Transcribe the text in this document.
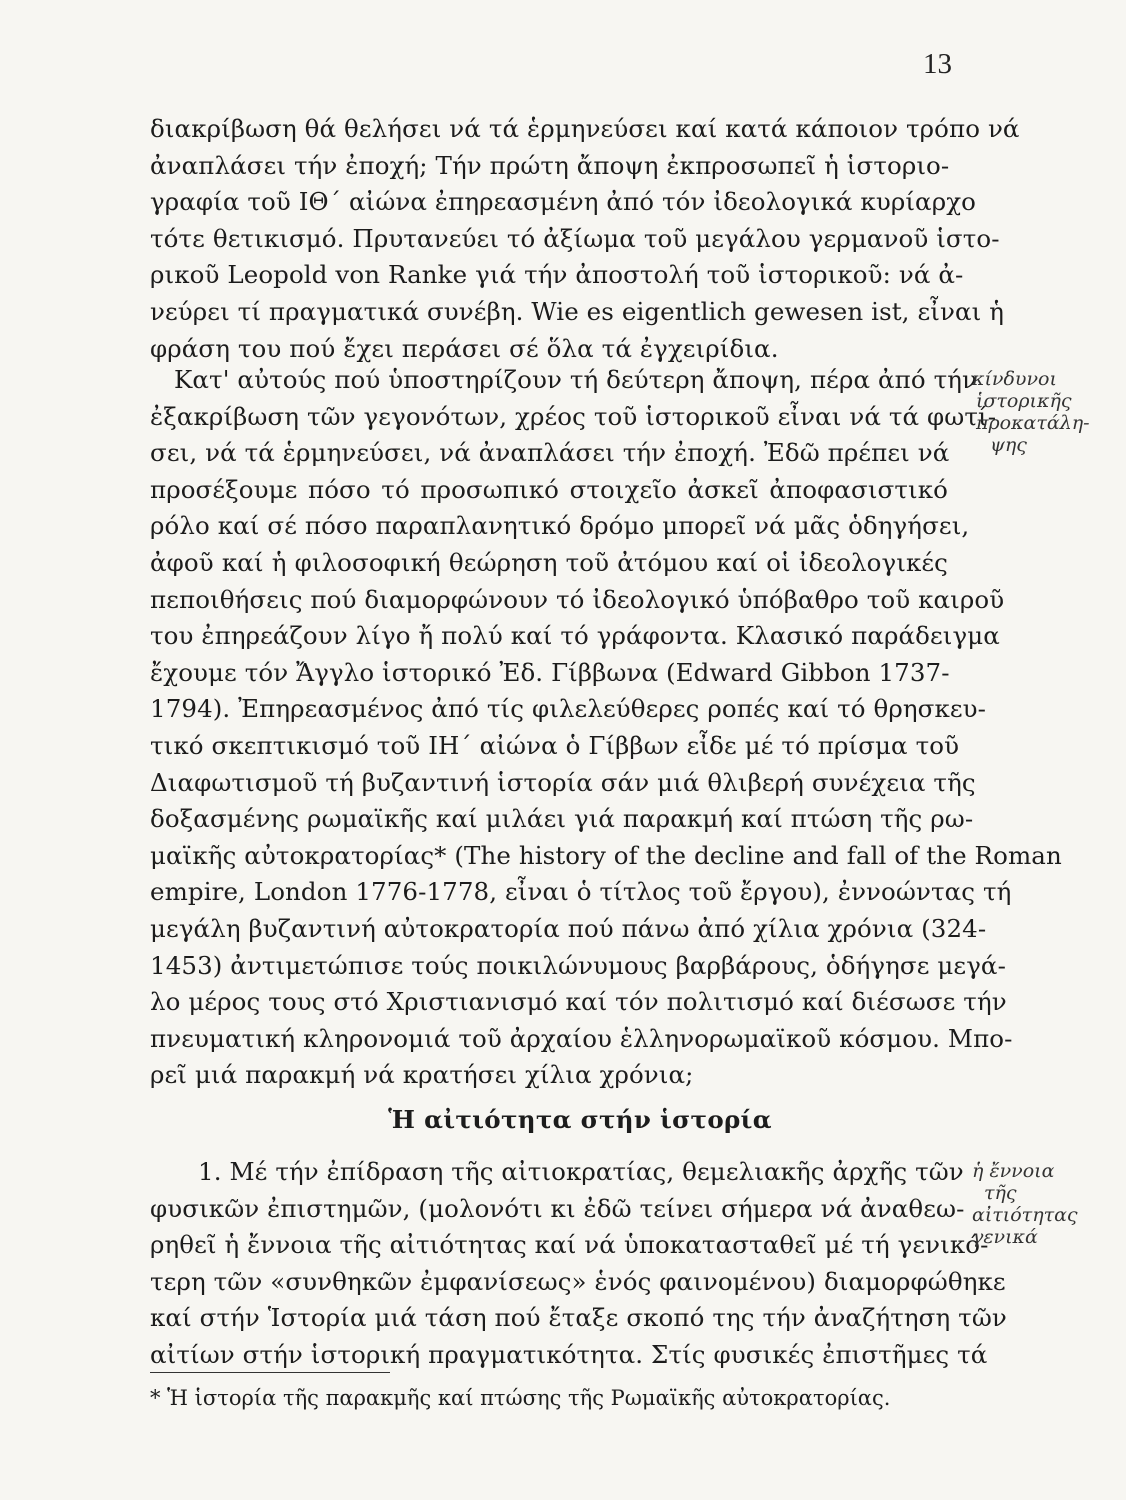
13
διακρίβωση θά θελήσει νά τά ἑρμηνεύσει καί κατά κάποιον τρόπο νά
ἀναπλάσει τήν ἐποχή; Τήν πρώτη ἄποψη ἐκπροσωπεῖ ἡ ἱστοριο-
γραφία τοῦ ΙΘ΄ αἰώνα ἐπηρεασμένη ἀπό τόν ἰδεολογικά κυρίαρχο
τότε θετικισμό. Πρυτανεύει τό ἀξίωμα τοῦ μεγάλου γερμανοῦ ἱστο-
ρικοῦ Leopold von Ranke γιά τήν ἀποστολή τοῦ ἱστορικοῦ: νά ἀ-
νεύρει τί πραγματικά συνέβη. Wie es eigentlich gewesen ist, εἶναι ἡ
φράση του πού ἔχει περάσει σέ ὅλα τά ἐγχειρίδια.
Κατ' αὐτούς πού ὑποστηρίζουν τή δεύτερη ἄποψη, πέρα ἀπό τήν
ἐξακρίβωση τῶν γεγονότων, χρέος τοῦ ἱστορικοῦ εἶναι νά τά φωτί-
σει, νά τά ἑρμηνεύσει, νά ἀναπλάσει τήν ἐποχή. Ἐδῶ πρέπει νά
προσέξουμε πόσο τό προσωπικό στοιχεῖο ἀσκεῖ ἀποφασιστικό
ρόλο καί σέ πόσο παραπλανητικό δρόμο μπορεῖ νά μᾶς ὁδηγήσει,
ἀφοῦ καί ἡ φιλοσοφική θεώρηση τοῦ ἀτόμου καί οἱ ἰδεολογικές
πεποιθήσεις πού διαμορφώνουν τό ἰδεολογικό ὑπόβαθρο τοῦ καιροῦ
του ἐπηρεάζουν λίγο ἤ πολύ καί τό γράφοντα. Κλασικό παράδειγμα
ἔχουμε τόν Ἄγγλο ἱστορικό Ἐδ. Γίββωνα (Edward Gibbon 1737-
1794). Ἐπηρεασμένος ἀπό τίς φιλελεύθερες ροπές καί τό θρησκευ-
τικό σκεπτικισμό τοῦ ΙΗ΄ αἰώνα ὁ Γίββων εἶδε μέ τό πρίσμα τοῦ
Διαφωτισμοῦ τή βυζαντινή ἱστορία σάν μιά θλιβερή συνέχεια τῆς
δοξασμένης ρωμαϊκῆς καί μιλάει γιά παρακμή καί πτώση τῆς ρω-
μαϊκῆς αὐτοκρατορίας* (The history of the decline and fall of the Roman
empire, London 1776-1778, εἶναι ὁ τίτλος τοῦ ἔργου), ἐννοώντας τή
μεγάλη βυζαντινή αὐτοκρατορία πού πάνω ἀπό χίλια χρόνια (324-
1453) ἀντιμετώπισε τούς ποικιλώνυμους βαρβάρους, ὁδήγησε μεγά-
λο μέρος τους στό Χριστιανισμό καί τόν πολιτισμό καί διέσωσε τήν
πνευματική κληρονομιά τοῦ ἀρχαίου ἑλληνορωμαϊκοῦ κόσμου. Μπο-
ρεῖ μιά παρακμή νά κρατήσει χίλια χρόνια;
κίνδυνοι
ἱστορικῆς
προκατάλη-
ψης
Ἡ αἰτιότητα στήν ἱστορία
1. Μέ τήν ἐπίδραση τῆς αἰτιοκρατίας, θεμελιακῆς ἀρχῆς τῶν
φυσικῶν ἐπιστημῶν, (μολονότι κι ἐδῶ τείνει σήμερα νά ἀναθεω-
ρηθεῖ ἡ ἔννοια τῆς αἰτιότητας καί νά ὑποκατασταθεῖ μέ τή γενικό-
τερη τῶν «συνθηκῶν ἐμφανίσεως» ἑνός φαινομένου) διαμορφώθηκε
καί στήν Ἱστορία μιά τάση πού ἔταξε σκοπό της τήν ἀναζήτηση τῶν
αἰτίων στήν ἱστορική πραγματικότητα. Στίς φυσικές ἐπιστῆμες τά
ἡ ἔννοια
τῆς
αἰτιότητας
γενικά
* Ἡ ἱστορία τῆς παρακμῆς καί πτώσης τῆς Ρωμαϊκῆς αὐτοκρατορίας.
